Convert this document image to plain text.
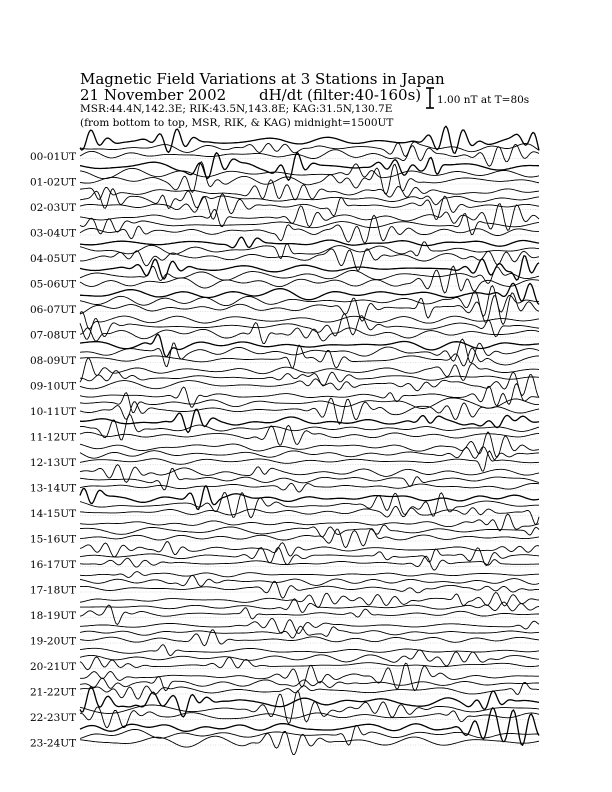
Magnetic Field Variations at 3 Stations in Japan
21 November 2002 dH/dt (filter:40-160s)
MSR:44.4N,142.3E; RIK:43.5N,143.8E; KAG:31.5N,130.7E
(from bottom to top, MSR, RIK, & KAG) midnight=1500UT
1.00 nT at T=80s
00-01UT
01-02UT
02-03UT
03-04UT
04-05UT
05-06UT
06-07UT
07-08UT
08-09UT
09-10UT
10-11UT
11-12UT
12-13UT
13-14UT
14-15UT
15-16UT
16-17UT
17-18UT
18-19UT
19-20UT
20-21UT
21-22UT
22-23UT
23-24UT
